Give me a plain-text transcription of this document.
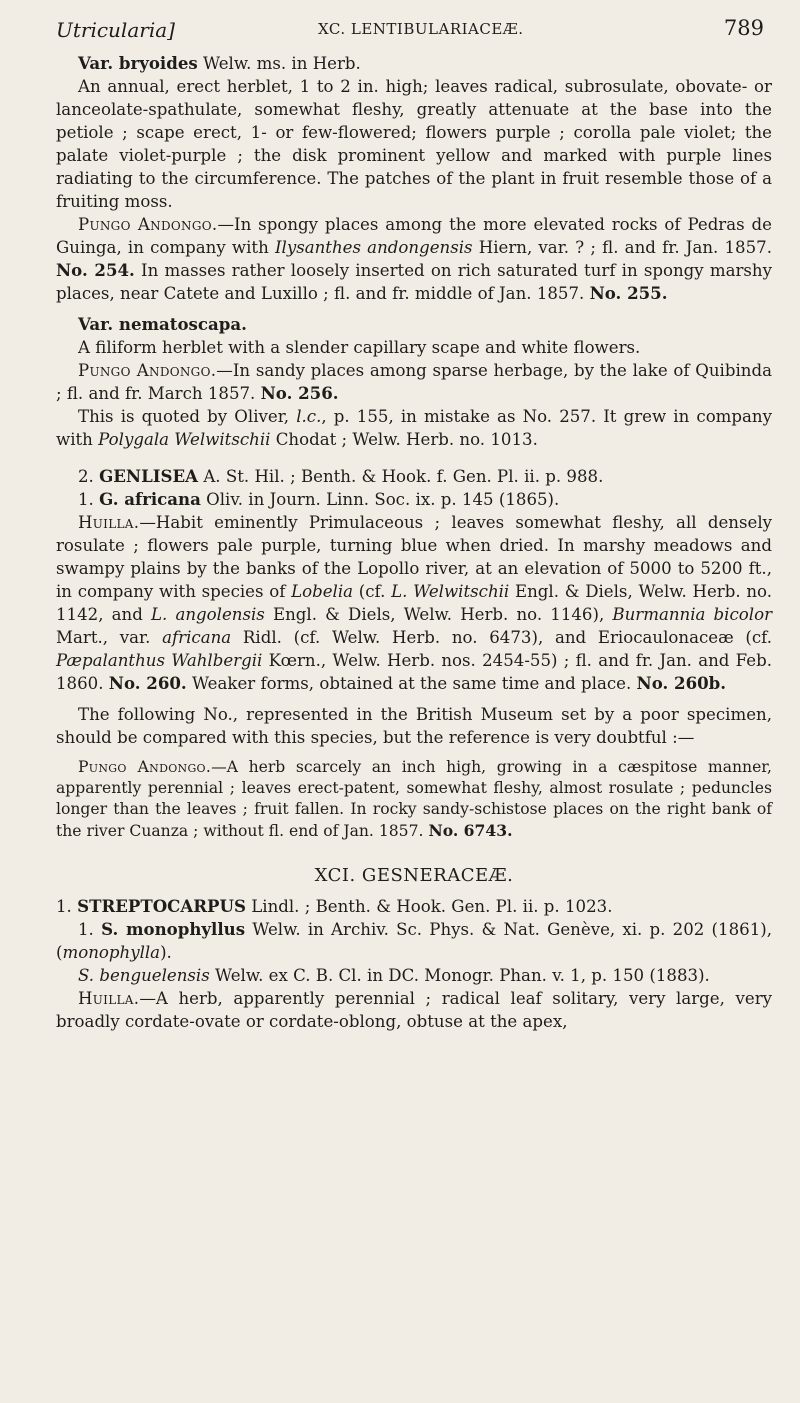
Utricularia]	XC. LENTIBULARIACEÆ.	789

Var. bryoides Welw. ms. in Herb.

An annual, erect herblet, 1 to 2 in. high; leaves radical, subrosulate, obovate- or lanceolate-spathulate, somewhat fleshy, greatly attenuate at the base into the petiole ; scape erect, 1- or few-flowered; flowers purple ; corolla pale violet; the palate violet-purple ; the disk prominent yellow and marked with purple lines radiating to the circumference. The patches of the plant in fruit resemble those of a fruiting moss.

Pungo Andongo.—In spongy places among the more elevated rocks of Pedras de Guinga, in company with Ilysanthes andongensis Hiern, var. ? ; fl. and fr. Jan. 1857. No. 254. In masses rather loosely inserted on rich saturated turf in spongy marshy places, near Catete and Luxillo ; fl. and fr. middle of Jan. 1857. No. 255.

Var. nematoscapa.

A filiform herblet with a slender capillary scape and white flowers.

Pungo Andongo.—In sandy places among sparse herbage, by the lake of Quibinda ; fl. and fr. March 1857. No. 256.

This is quoted by Oliver, l.c., p. 155, in mistake as No. 257. It grew in company with Polygala Welwitschii Chodat ; Welw. Herb. no. 1013.

2. GENLISEA A. St. Hil. ; Benth. & Hook. f. Gen. Pl. ii. p. 988.

1. G. africana Oliv. in Journ. Linn. Soc. ix. p. 145 (1865).

Huilla.—Habit eminently Primulaceous ; leaves somewhat fleshy, all densely rosulate ; flowers pale purple, turning blue when dried. In marshy meadows and swampy plains by the banks of the Lopollo river, at an elevation of 5000 to 5200 ft., in company with species of Lobelia (cf. L. Welwitschii Engl. & Diels, Welw. Herb. no. 1142, and L. angolensis Engl. & Diels, Welw. Herb. no. 1146), Burmannia bicolor Mart., var. africana Ridl. (cf. Welw. Herb. no. 6473), and Eriocaulonaceæ (cf. Pæpalanthus Wahlbergii Kœrn., Welw. Herb. nos. 2454-55) ; fl. and fr. Jan. and Feb. 1860. No. 260. Weaker forms, obtained at the same time and place. No. 260b.

The following No., represented in the British Museum set by a poor specimen, should be compared with this species, but the reference is very doubtful :—

Pungo Andongo.—A herb scarcely an inch high, growing in a cæspitose manner, apparently perennial ; leaves erect-patent, somewhat fleshy, almost rosulate ; peduncles longer than the leaves ; fruit fallen. In rocky sandy-schistose places on the right bank of the river Cuanza ; without fl. end of Jan. 1857. No. 6743.

XCI. GESNERACEÆ.

1. STREPTOCARPUS Lindl. ; Benth. & Hook. Gen. Pl. ii. p. 1023.

1. S. monophyllus Welw. in Archiv. Sc. Phys. & Nat. Genève, xi. p. 202 (1861), (monophylla).

S. benguelensis Welw. ex C. B. Cl. in DC. Monogr. Phan. v. 1, p. 150 (1883).

Huilla.—A herb, apparently perennial ; radical leaf solitary, very large, very broadly cordate-ovate or cordate-oblong, obtuse at the apex,
